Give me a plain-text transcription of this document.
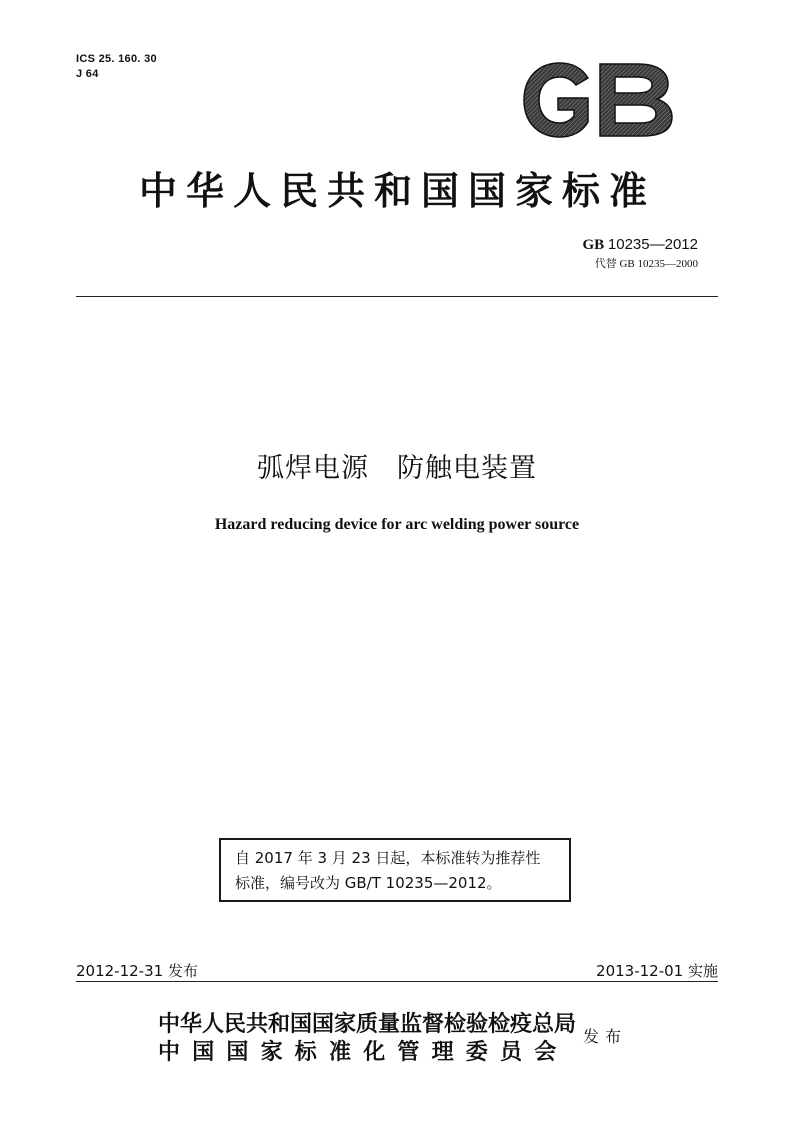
ICS 25. 160. 30
J 64
中华人民共和国国家标准
GB 10235—2012
代替 GB 10235—2000
弧焊电源　防触电装置
Hazard reducing device for arc welding power source
自 2017 年 3 月 23 日起，本标准转为推荐性
标准，编号改为 GB/T 10235—2012。
2012-12-31 发布	2013-12-01 实施
中华人民共和国国家质量监督检验检疫总局
中国国家标准化管理委员会
发布
